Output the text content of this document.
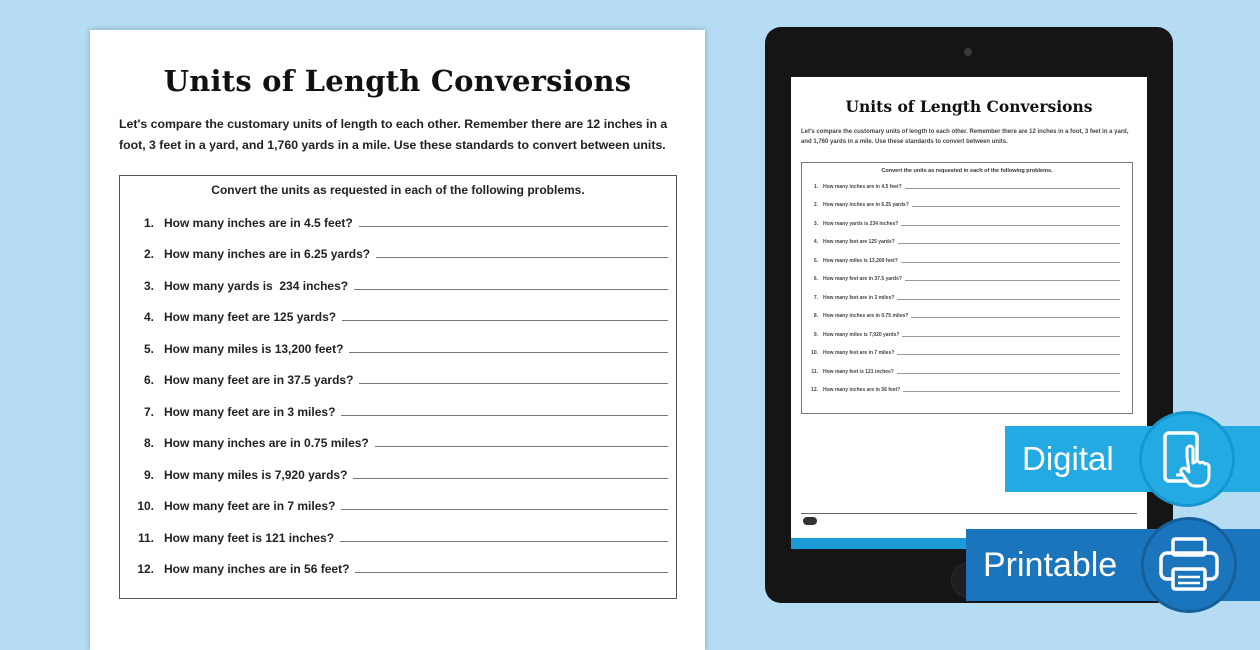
Units of Length Conversions
Let's compare the customary units of length to each other. Remember there are 12 inches in a foot, 3 feet in a yard, and 1,760 yards in a mile. Use these standards to convert between units.
Convert the units as requested in each of the following problems.
1. How many inches are in 4.5 feet?
2. How many inches are in 6.25 yards?
3. How many yards is  234 inches?
4. How many feet are 125 yards?
5. How many miles is 13,200 feet?
6. How many feet are in 37.5 yards?
7. How many feet are in 3 miles?
8. How many inches are in 0.75 miles?
9. How many miles is 7,920 yards?
10. How many feet are in 7 miles?
11. How many feet is 121 inches?
12. How many inches are in 56 feet?
Units of Length Conversions
Let's compare the customary units of length to each other. Remember there are 12 inches in a foot, 3 feet in a yard, and 1,760 yards in a mile. Use these standards to convert between units.
Convert the units as requested in each of the following problems.
1. How many inches are in 4.5 feet?
2. How many inches are in 6.25 yards?
3. How many yards is 234 inches?
4. How many feet are 125 yards?
5. How many miles is 13,200 feet?
6. How many feet are in 37.5 yards?
7. How many feet are in 3 miles?
8. How many inches are in 0.75 miles?
9. How many miles is 7,920 yards?
10. How many feet are in 7 miles?
11. How many feet is 121 inches?
12. How many inches are in 56 feet?
Digital
Printable
